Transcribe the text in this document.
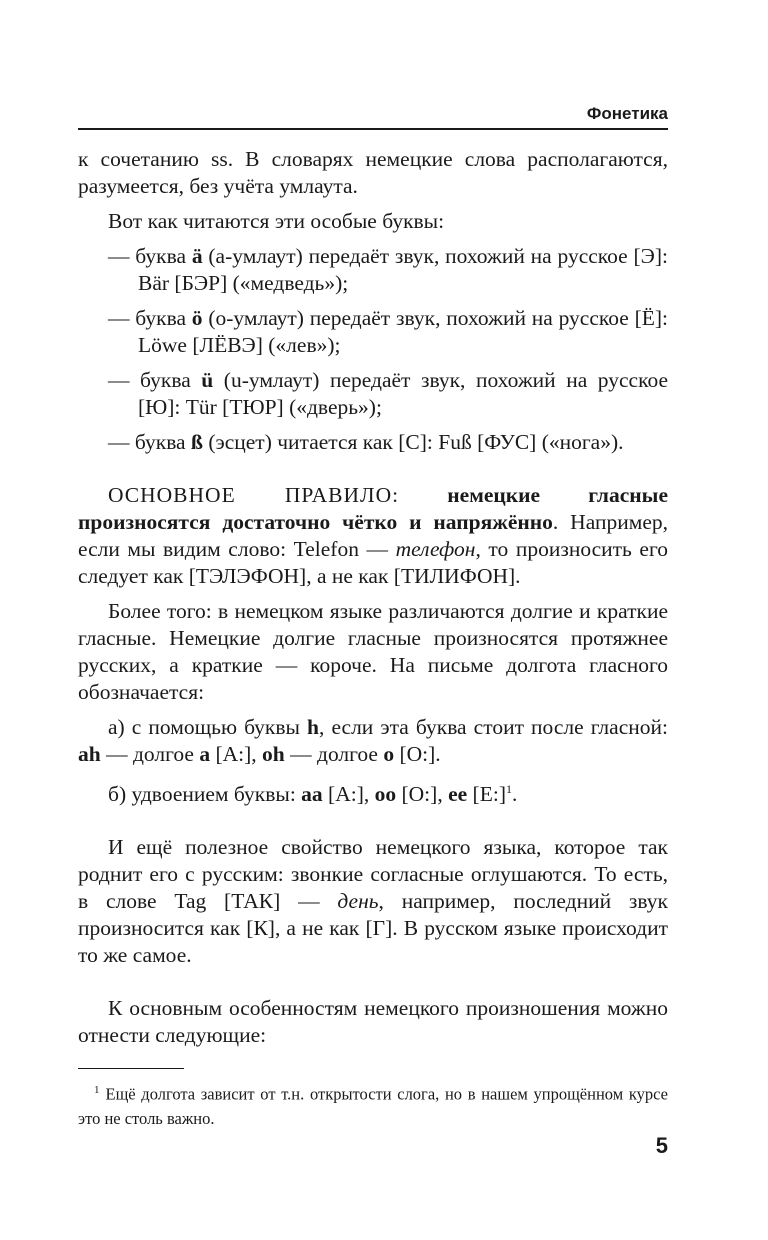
Фонетика

к сочетанию ss. В словарях немецкие слова располагаются, разумеется, без учёта умлаута.

Вот как читаются эти особые буквы:

— буква ä (а-умлаут) передаёт звук, похожий на русское [Э]: Bär [БЭР] («медведь»);

— буква ö (о-умлаут) передаёт звук, похожий на русское [Ё]: Löwe [ЛЁВЭ] («лев»);

— буква ü (u-умлаут) передаёт звук, похожий на русское [Ю]: Tür [ТЮР] («дверь»);

— буква ß (эсцет) читается как [С]: Fuß [ФУС] («нога»).

ОСНОВНОЕ ПРАВИЛО: немецкие гласные произносятся достаточно чётко и напряжённо. Например, если мы видим слово: Telefon — телефон, то произносить его следует как [ТЭЛЭФОН], а не как [ТИЛИФОН].

Более того: в немецком языке различаются долгие и краткие гласные. Немецкие долгие гласные произносятся протяжнее русских, а краткие — короче. На письме долгота гласного обозначается:

а) с помощью буквы h, если эта буква стоит после гласной: ah — долгое a [A:], oh — долгое o [O:].

б) удвоением буквы: aa [A:], oo [O:], ee [E:]$^1$.

И ещё полезное свойство немецкого языка, которое так роднит его с русским: звонкие согласные оглушаются. То есть, в слове Tag [ТАК] — день, например, последний звук произносится как [К], а не как [Г]. В русском языке происходит то же самое.

К основным особенностям немецкого произношения можно отнести следующие:

$^1$ Ещё долгота зависит от т.н. открытости слога, но в нашем упрощённом курсе это не столь важно.
5
